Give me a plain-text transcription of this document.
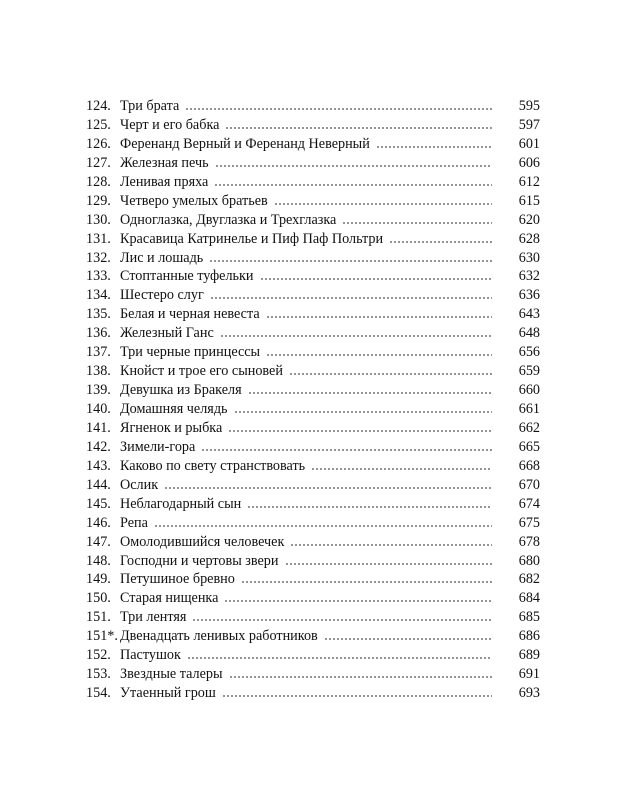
124. Три брата	595
125. Черт и его бабка	597
126. Ференанд Верный и Ференанд Неверный	601
127. Железная печь	606
128. Ленивая пряха	612
129. Четверо умелых братьев	615
130. Одноглазка, Двуглазка и Трехглазка	620
131. Красавица Катринелье и Пиф Паф Польтри	628
132. Лис и лошадь	630
133. Стоптанные туфельки	632
134. Шестеро слуг	636
135. Белая и черная невеста	643
136. Железный Ганс	648
137. Три черные принцессы	656
138. Кнойст и трое его сыновей	659
139. Девушка из Бракеля	660
140. Домашняя челядь	661
141. Ягненок и рыбка	662
142. Зимели-гора	665
143. Каково по свету странствовать	668
144. Ослик	670
145. Неблагодарный сын	674
146. Репа	675
147. Омолодившийся человечек	678
148. Господни и чертовы звери	680
149. Петушиное бревно	682
150. Старая нищенка	684
151. Три лентяя	685
151*. Двенадцать ленивых работников	686
152. Пастушок	689
153. Звездные талеры	691
154. Утаенный грош	693
